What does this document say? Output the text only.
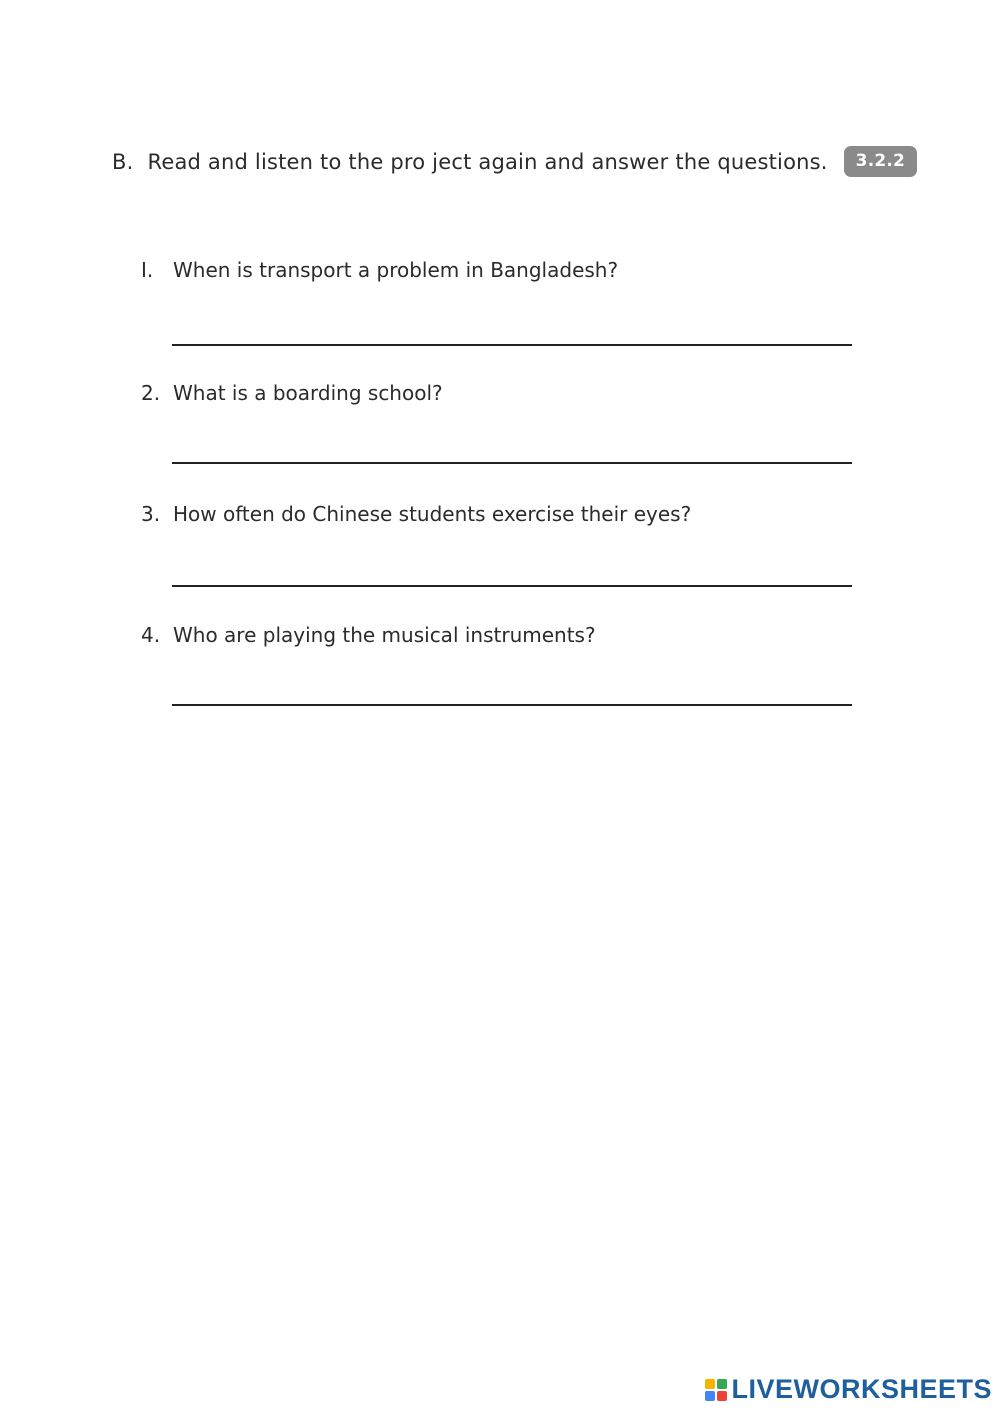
B. Read and listen to the pro ject again and answer the questions.	3.2.2
I. When is transport a problem in Bangladesh?
2. What is a boarding school?
3. How often do Chinese students exercise their eyes?
4. Who are playing the musical instruments?
LIVEWORKSHEETS
